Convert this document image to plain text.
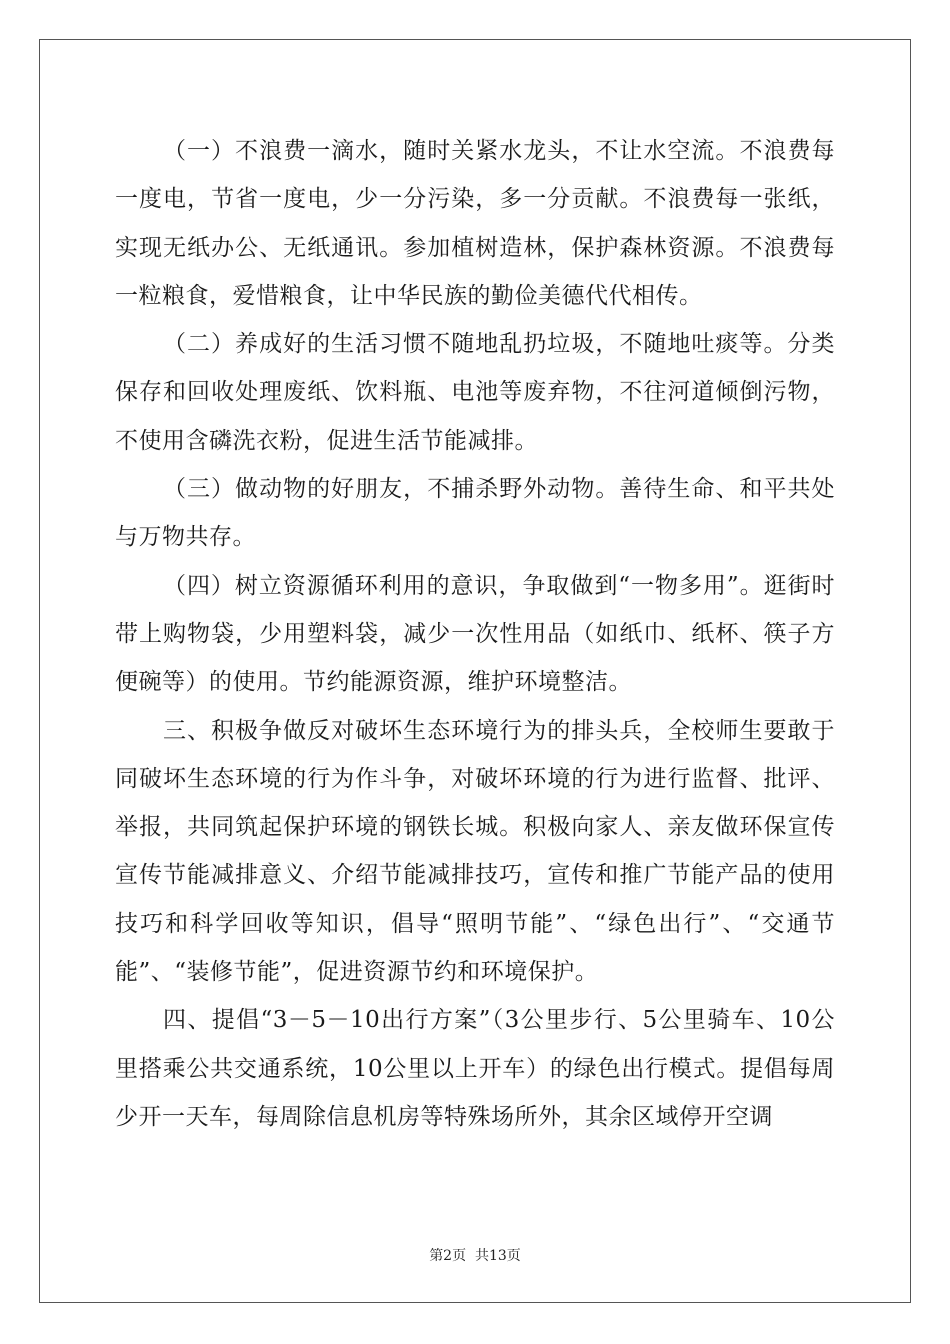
（一）不浪费一滴水，随时关紧水龙头，不让水空流。不浪费每一度电，节省一度电，少一分污染，多一分贡献。不浪费每一张纸，实现无纸办公、无纸通讯。参加植树造林，保护森林资源。不浪费每一粒粮食，爱惜粮食，让中华民族的勤俭美德代代相传。

（二）养成好的生活习惯不随地乱扔垃圾，不随地吐痰等。分类保存和回收处理废纸、饮料瓶、电池等废弃物，不往河道倾倒污物，不使用含磷洗衣粉，促进生活节能减排。

（三）做动物的好朋友，不捕杀野外动物。善待生命、和平共处与万物共存。

（四）树立资源循环利用的意识，争取做到“一物多用”。逛街时带上购物袋，少用塑料袋，减少一次性用品（如纸巾、纸杯、筷子方便碗等）的使用。节约能源资源，维护环境整洁。

三、积极争做反对破坏生态环境行为的排头兵，全校师生要敢于同破坏生态环境的行为作斗争，对破坏环境的行为进行监督、批评、举报，共同筑起保护环境的钢铁长城。积极向家人、亲友做环保宣传宣传节能减排意义、介绍节能减排技巧，宣传和推广节能产品的使用技巧和科学回收等知识，倡导“照明节能”、“绿色出行”、“交通节能”、“装修节能”，促进资源节约和环境保护。

四、提倡“3－5－10出行方案”（3公里步行、5公里骑车、10公里搭乘公共交通系统，10公里以上开车）的绿色出行模式。提倡每周少开一天车，每周除信息机房等特殊场所外，其余区域停开空调

第2页  共13页
